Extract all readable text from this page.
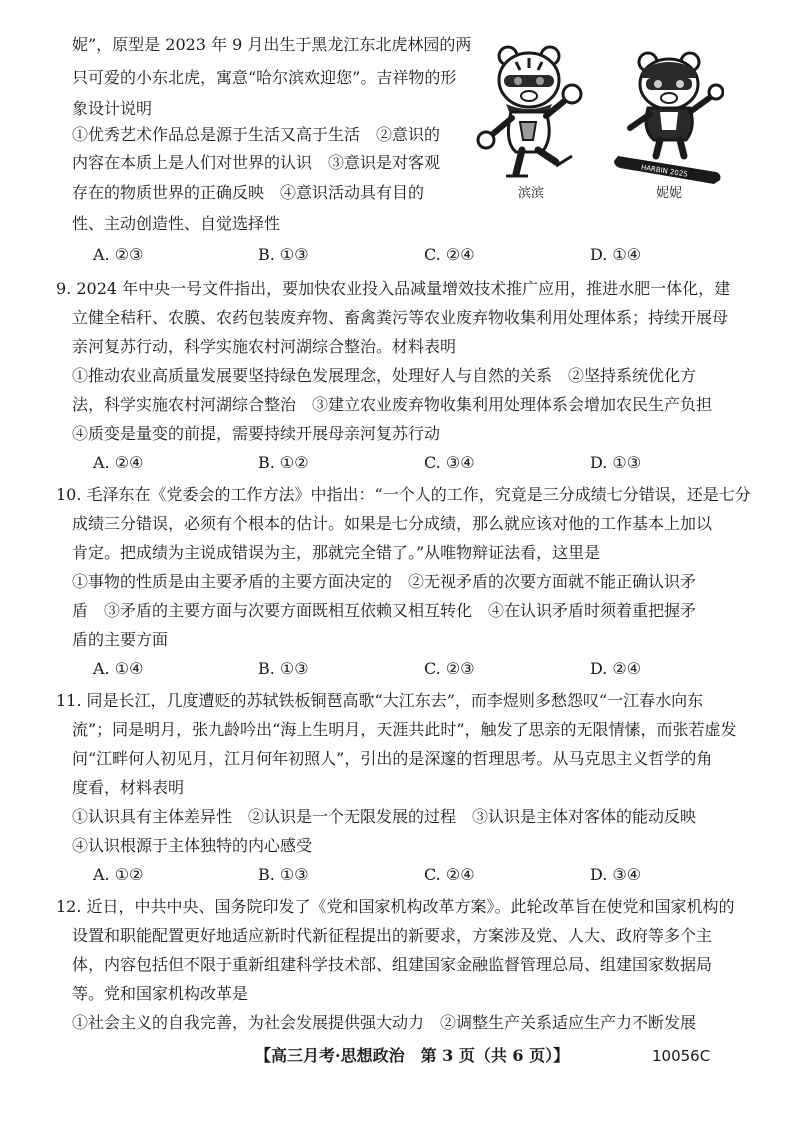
妮”，原型是 2023 年 9 月出生于黑龙江东北虎林园的两
只可爱的小东北虎，寓意“哈尔滨欢迎您”。吉祥物的形
象设计说明
①优秀艺术作品总是源于生活又高于生活　②意识的
内容在本质上是人们对世界的认识　③意识是对客观
存在的物质世界的正确反映　④意识活动具有目的
性、主动创造性、自觉选择性
A. ②③	B. ①③	C. ②④	D. ①④
滨滨
HARBIN 2025
妮妮
9. 2024 年中央一号文件指出，要加快农业投入品减量增效技术推广应用，推进水肥一体化，建
立健全秸秆、农膜、农药包装废弃物、畜禽粪污等农业废弃物收集利用处理体系；持续开展母
亲河复苏行动，科学实施农村河湖综合整治。材料表明
①推动农业高质量发展要坚持绿色发展理念，处理好人与自然的关系　②坚持系统优化方
法，科学实施农村河湖综合整治　③建立农业废弃物收集利用处理体系会增加农民生产负担
④质变是量变的前提，需要持续开展母亲河复苏行动
A. ②④	B. ①②	C. ③④	D. ①③
10. 毛泽东在《党委会的工作方法》中指出：“一个人的工作，究竟是三分成绩七分错误，还是七分
成绩三分错误，必须有个根本的估计。如果是七分成绩，那么就应该对他的工作基本上加以
肯定。把成绩为主说成错误为主，那就完全错了。”从唯物辩证法看，这里是
①事物的性质是由主要矛盾的主要方面决定的　②无视矛盾的次要方面就不能正确认识矛
盾　③矛盾的主要方面与次要方面既相互依赖又相互转化　④在认识矛盾时须着重把握矛
盾的主要方面
A. ①④	B. ①③	C. ②③	D. ②④
11. 同是长江，几度遭贬的苏轼铁板铜琶高歌“大江东去”，而李煜则多愁怨叹“一江春水向东
流”；同是明月，张九龄吟出“海上生明月，天涯共此时”，触发了思亲的无限情愫，而张若虚发
问“江畔何人初见月，江月何年初照人”，引出的是深邃的哲理思考。从马克思主义哲学的角
度看，材料表明
①认识具有主体差异性　②认识是一个无限发展的过程　③认识是主体对客体的能动反映
④认识根源于主体独特的内心感受
A. ①②	B. ①③	C. ②④	D. ③④
12. 近日，中共中央、国务院印发了《党和国家机构改革方案》。此轮改革旨在使党和国家机构的
设置和职能配置更好地适应新时代新征程提出的新要求，方案涉及党、人大、政府等多个主
体，内容包括但不限于重新组建科学技术部、组建国家金融监督管理总局、组建国家数据局
等。党和国家机构改革是
①社会主义的自我完善，为社会发展提供强大动力　②调整生产关系适应生产力不断发展
【高三月考·思想政治　第 3 页（共 6 页）】	10056C
